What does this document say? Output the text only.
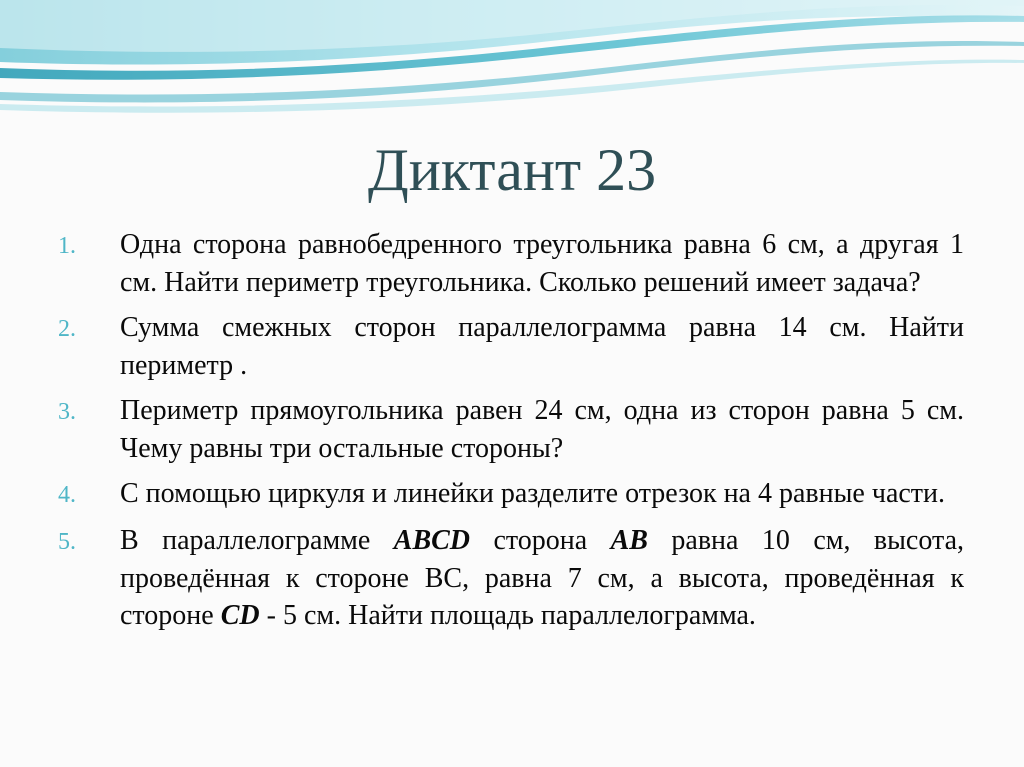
Диктант 23
1.	Одна сторона равнобедренного треугольника равна 6 см, а другая 1 см. Найти периметр треугольника. Сколько решений имеет задача?
2.	Сумма смежных сторон параллелограмма равна 14 см. Найти периметр .
3.	Периметр прямоугольника равен 24 см, одна из сторон равна 5 см. Чему равны три остальные стороны?
4.	С помощью циркуля и линейки разделите отрезок на 4 равные части.
5.	В параллелограмме ABCD сторона AB равна 10 см, высота, проведённая к стороне ВС, равна 7 см, а высота, проведённая к стороне CD - 5 см. Найти площадь параллелограмма.
